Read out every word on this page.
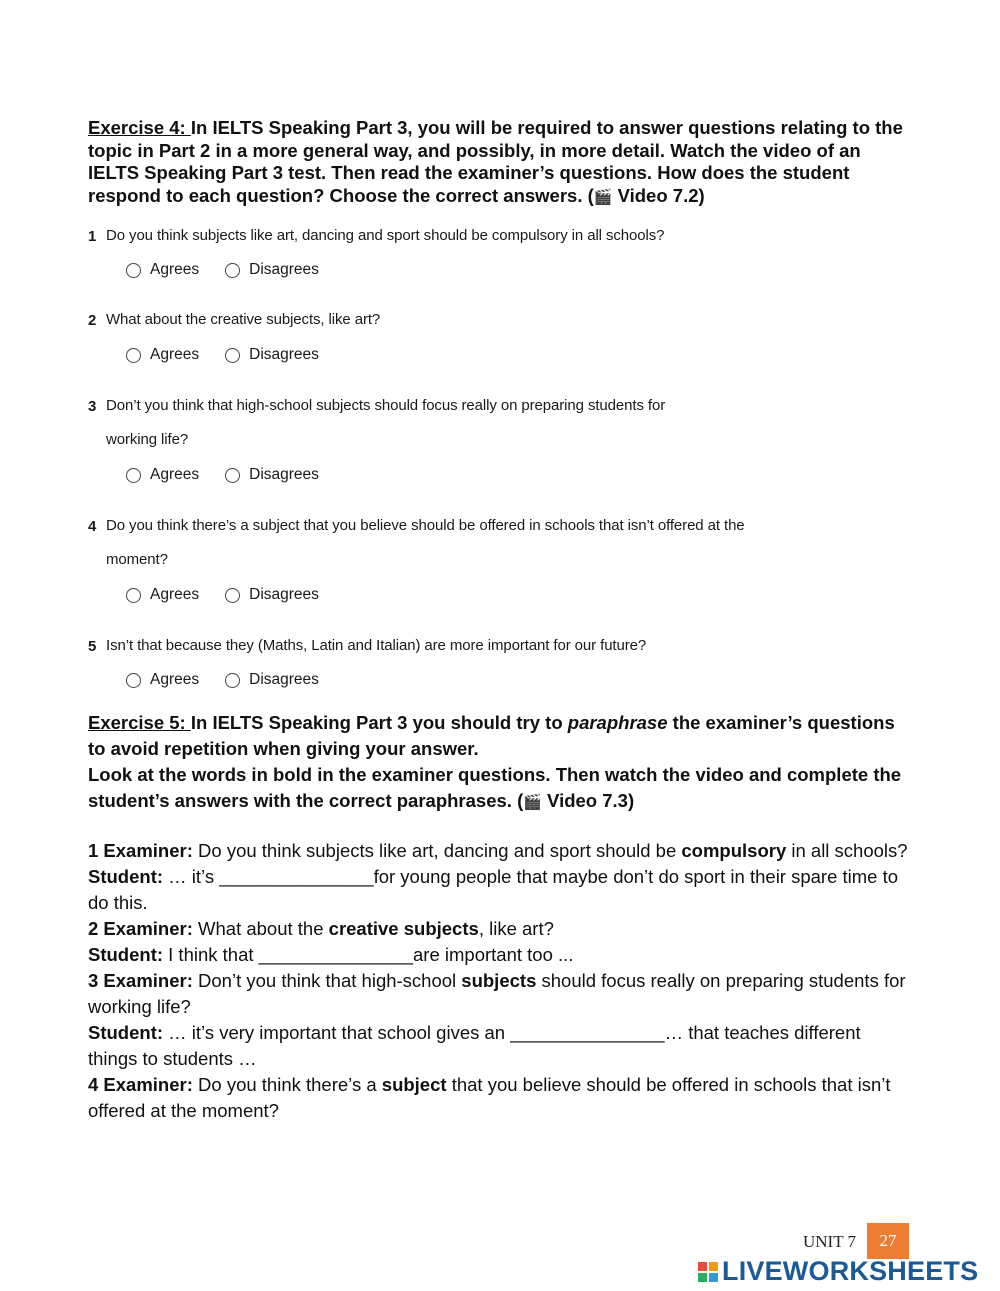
Exercise 4: In IELTS Speaking Part 3, you will be required to answer questions relating to the topic in Part 2 in a more general way, and possibly, in more detail. Watch the video of an IELTS Speaking Part 3 test. Then read the examiner’s questions. How does the student respond to each question? Choose the correct answers. (🎬 Video 7.2)
1 Do you think subjects like art, dancing and sport should be compulsory in all schools?
Agrees	Disagrees
2 What about the creative subjects, like art?
Agrees	Disagrees
3 Don’t you think that high-school subjects should focus really on preparing students for working life?
Agrees	Disagrees
4 Do you think there’s a subject that you believe should be offered in schools that isn’t offered at the moment?
Agrees	Disagrees
5 Isn’t that because they (Maths, Latin and Italian) are more important for our future?
Agrees	Disagrees
Exercise 5: In IELTS Speaking Part 3 you should try to paraphrase the examiner’s questions to avoid repetition when giving your answer.
Look at the words in bold in the examiner questions. Then watch the video and complete the student’s answers with the correct paraphrases. (🎬 Video 7.3)

1 Examiner: Do you think subjects like art, dancing and sport should be compulsory in all schools?

Student: … it’s _______________for young people that maybe don’t do sport in their spare time to do this.

2 Examiner: What about the creative subjects, like art?

Student: I think that _______________are important too ...

3 Examiner: Don’t you think that high-school subjects should focus really on preparing students for working life?

Student: … it’s very important that school gives an _______________… that teaches different things to students …

4 Examiner: Do you think there’s a subject that you believe should be offered in schools that isn’t offered at the moment?

UNIT 7	27
LIVEWORKSHEETS
